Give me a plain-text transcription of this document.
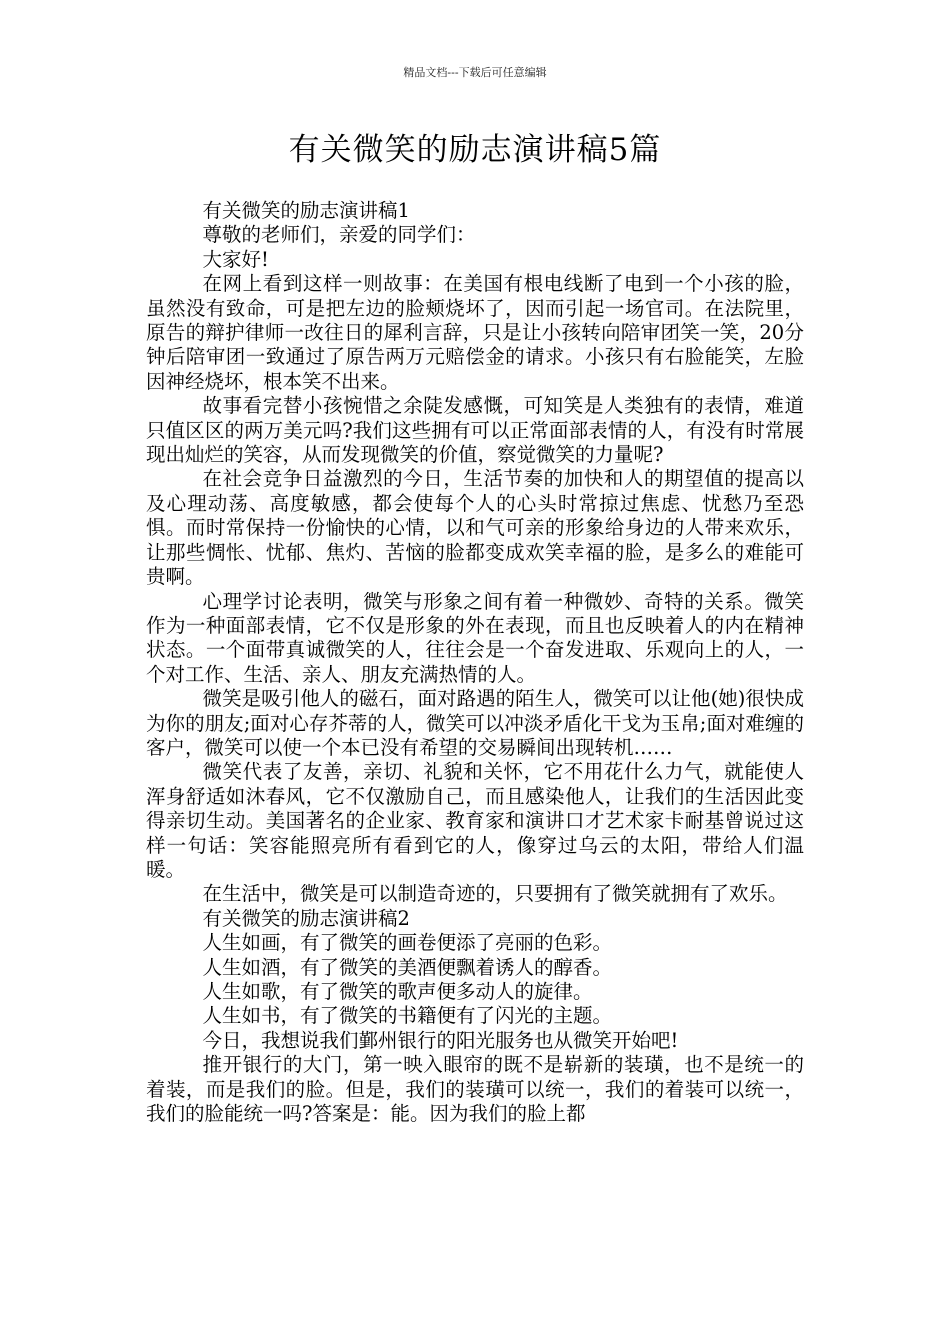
精品文档---下载后可任意编辑
有关微笑的励志演讲稿5篇

有关微笑的励志演讲稿1

尊敬的老师们，亲爱的同学们：

大家好!

在网上看到这样一则故事：在美国有根电线断了电到一个小孩的脸，虽然没有致命，可是把左边的脸颊烧坏了，因而引起一场官司。在法院里，原告的辩护律师一改往日的犀利言辞，只是让小孩转向陪审团笑一笑，20分钟后陪审团一致通过了原告两万元赔偿金的请求。小孩只有右脸能笑，左脸因神经烧坏，根本笑不出来。

故事看完替小孩惋惜之余陡发感慨，可知笑是人类独有的表情，难道只值区区的两万美元吗?我们这些拥有可以正常面部表情的人，有没有时常展现出灿烂的笑容，从而发现微笑的价值，察觉微笑的力量呢?

在社会竞争日益激烈的今日，生活节奏的加快和人的期望值的提高以及心理动荡、高度敏感，都会使每个人的心头时常掠过焦虑、忧愁乃至恐惧。而时常保持一份愉快的心情，以和气可亲的形象给身边的人带来欢乐，让那些惆怅、忧郁、焦灼、苦恼的脸都变成欢笑幸福的脸，是多么的难能可贵啊。

心理学讨论表明，微笑与形象之间有着一种微妙、奇特的关系。微笑作为一种面部表情，它不仅是形象的外在表现，而且也反映着人的内在精神状态。一个面带真诚微笑的人，往往会是一个奋发进取、乐观向上的人，一个对工作、生活、亲人、朋友充满热情的人。

微笑是吸引他人的磁石，面对路遇的陌生人，微笑可以让他(她)很快成为你的朋友;面对心存芥蒂的人，微笑可以冲淡矛盾化干戈为玉帛;面对难缠的客户，微笑可以使一个本已没有希望的交易瞬间出现转机……

微笑代表了友善，亲切、礼貌和关怀，它不用花什么力气，就能使人浑身舒适如沐春风，它不仅激励自己，而且感染他人，让我们的生活因此变得亲切生动。美国著名的企业家、教育家和演讲口才艺术家卡耐基曾说过这样一句话：笑容能照亮所有看到它的人，像穿过乌云的太阳，带给人们温暖。

在生活中，微笑是可以制造奇迹的，只要拥有了微笑就拥有了欢乐。

有关微笑的励志演讲稿2

人生如画，有了微笑的画卷便添了亮丽的色彩。

人生如酒，有了微笑的美酒便飘着诱人的醇香。

人生如歌，有了微笑的歌声便多动人的旋律。

人生如书，有了微笑的书籍便有了闪光的主题。

今日，我想说我们鄞州银行的阳光服务也从微笑开始吧!

推开银行的大门，第一映入眼帘的既不是崭新的装璜，也不是统一的着装，而是我们的脸。但是，我们的装璜可以统一，我们的着装可以统一，我们的脸能统一吗?答案是：能。因为我们的脸上都
